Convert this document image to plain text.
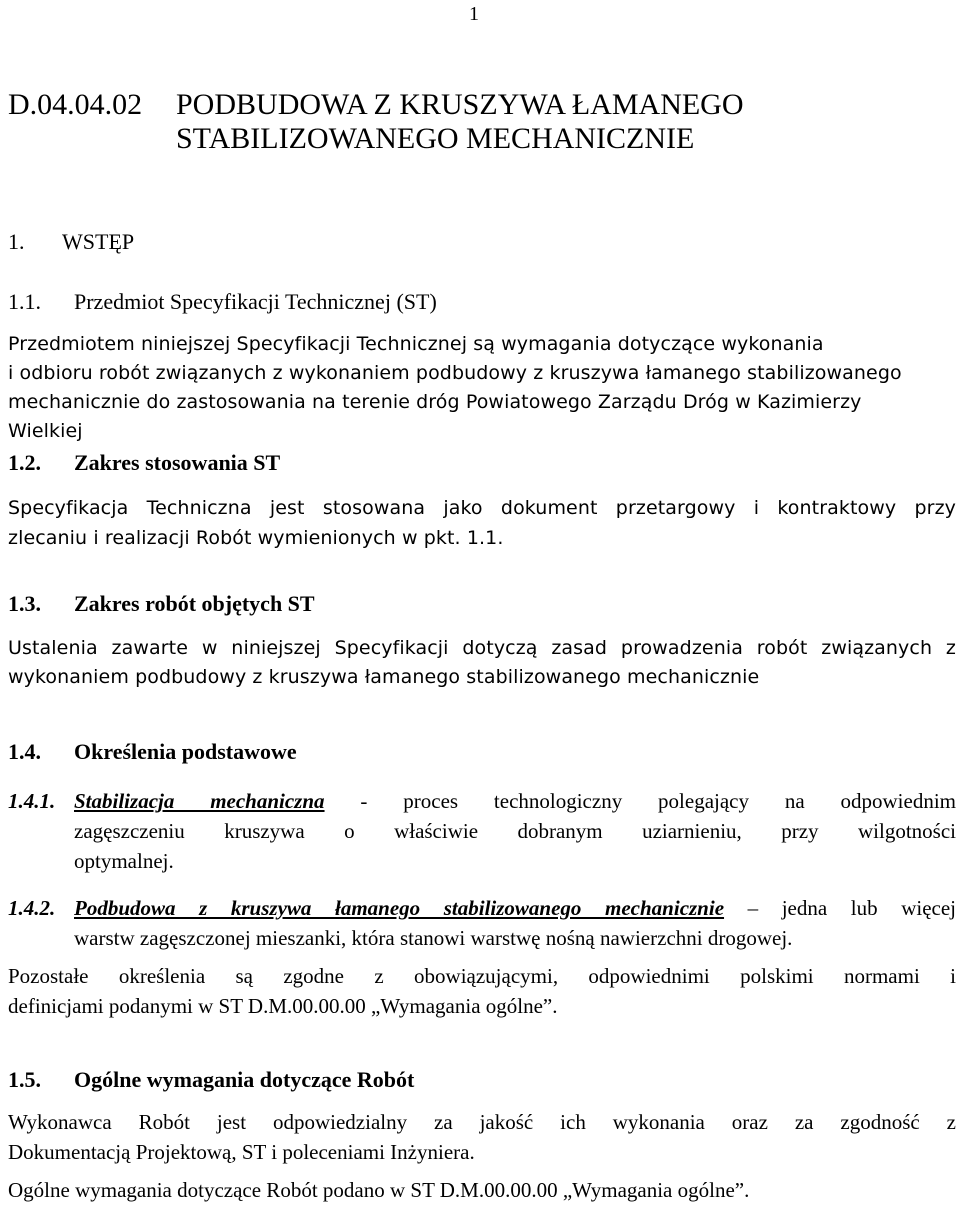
1
D.04.04.02 PODBUDOWA Z KRUSZYWA ŁAMANEGO
STABILIZOWANEGO MECHANICZNIE
1. WSTĘP
1.1. Przedmiot Specyfikacji Technicznej (ST)
Przedmiotem niniejszej Specyfikacji Technicznej są wymagania dotyczące wykonania
i odbioru robót związanych z wykonaniem podbudowy z kruszywa łamanego stabilizowanego
mechanicznie do zastosowania na terenie dróg Powiatowego Zarządu Dróg w Kazimierzy
Wielkiej
1.2. Zakres stosowania ST
Specyfikacja Techniczna jest stosowana jako dokument przetargowy i kontraktowy przy
zlecaniu i realizacji Robót wymienionych w pkt. 1.1.
1.3. Zakres robót objętych ST
Ustalenia zawarte w niniejszej Specyfikacji dotyczą zasad prowadzenia robót związanych z
wykonaniem podbudowy z kruszywa łamanego stabilizowanego mechanicznie
1.4. Określenia podstawowe
1.4.1. Stabilizacja mechaniczna - proces technologiczny polegający na odpowiednim
zagęszczeniu kruszywa o właściwie dobranym uziarnieniu, przy wilgotności
optymalnej.
1.4.2. Podbudowa z kruszywa łamanego stabilizowanego mechanicznie – jedna lub więcej
warstw zagęszczonej mieszanki, która stanowi warstwę nośną nawierzchni drogowej.
Pozostałe określenia są zgodne z obowiązującymi, odpowiednimi polskimi normami i
definicjami podanymi w ST D.M.00.00.00 „Wymagania ogólne”.
1.5. Ogólne wymagania dotyczące Robót
Wykonawca Robót jest odpowiedzialny za jakość ich wykonania oraz za zgodność z
Dokumentacją Projektową, ST i poleceniami Inżyniera.
Ogólne wymagania dotyczące Robót podano w ST D.M.00.00.00 „Wymagania ogólne”.
